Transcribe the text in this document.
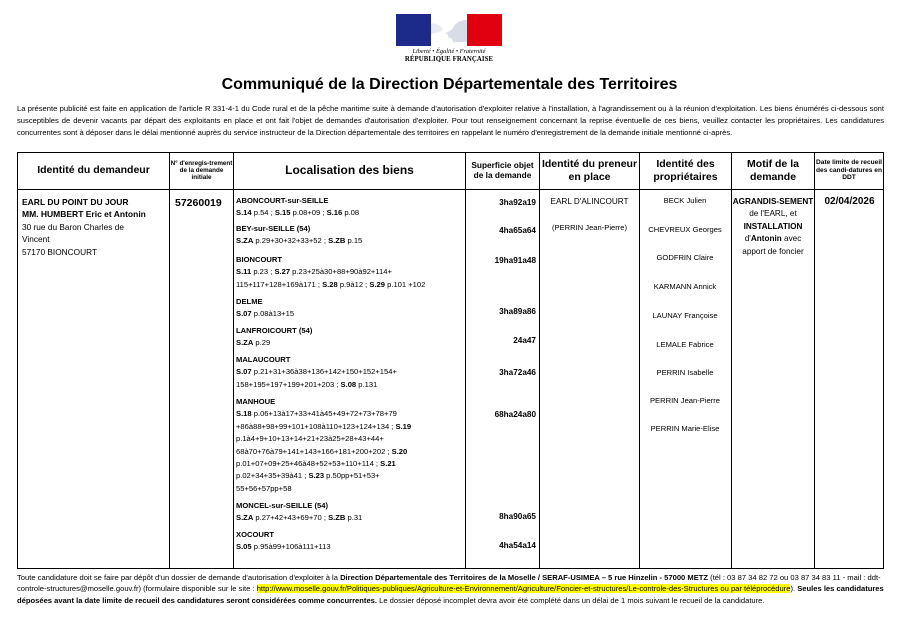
Liberté • Égalité • Fraternité
RÉPUBLIQUE FRANÇAISE
Communiqué de la Direction Départementale des Territoires

La présente publicité est faite en application de l'article R 331-4-1 du Code rural et de la pêche maritime suite à demande d'autorisation d'exploiter relative à l'installation, à l'agrandissement ou à la réunion d'exploitation. Les biens énumérés ci-dessous sont susceptibles de devenir vacants par départ des exploitants en place et ont fait l'objet de demandes d'autorisation d'exploiter. Pour tout renseignement concernant la reprise éventuelle de ces biens, veuillez contacter les propriétaires. Les candidatures concurrentes sont à déposer dans le délai mentionné auprès du service instructeur de la Direction départementale des territoires en rappelant le numéro d'enregistrement de la demande initiale mentionné ci-après.

Identité du demandeur
N° d'enregis-trement de la demande initiale
Localisation des biens	Superficie objet de la demande
Identité du preneur en place
Identité des propriétaires
Motif de la demande
Date limite de recueil des candi-datures en DDT
EARL DU POINT DU JOUR
MM. HUMBERT Eric et Antonin
30 rue du Baron Charles de
Vincent
57170 BIONCOURT
57260019 ABONCOURT-sur-SEILLE
S.14 p.54 ; S.15 p.08+09 ; S.16 p.08
BEY-sur-SEILLE (54)
S.ZA p.29+30+32+33+52 ; S.ZB p.15
BIONCOURT
S.11 p.23 ; S.27 p.23+25à30+88+90à92+114+
115+117+128+169à171 ; S.28 p.9à12 ; S.29 p.101 +102
DELME
S.07 p.08à13+15
LANFROICOURT (54)
S.ZA p.29
MALAUCOURT
S.07 p.21+31+36à38+136+142+150+152+154+
158+195+197+199+201+203 ; S.08 p.131
MANHOUE
S.18 p.06+13à17+33+41à45+49+72+73+78+79
+86à88+98+99+101+108à110+123+124+134 ; S.19
p.1à4+9+10+13+14+21+23à25+28+43+44+
68à70+76à79+141+143+166+181+200+202 ; S.20
p.01+07+09+25+46à48+52+53+110+114 ; S.21
p.02+34+35+39à41 ; S.23 p.50pp+51+53+
55+56+57pp+58
MONCEL-sur-SEILLE (54)
S.ZA p.27+42+43+69+70 ; S.ZB p.31
XOCOURT
S.05 p.95à99+106à111+113
3ha92a19
4ha65a64
19ha91a48
3ha89a86
24a47
3ha72a46
68ha24a80
8ha90a65
4ha54a14
EARL D'ALINCOURT
(PERRIN Jean-Pierre)
BECK Julien
CHEVREUX Georges
GODFRIN Claire
KARMANN Annick
LAUNAY Françoise
LEMALE Fabrice
PERRIN Isabelle
PERRIN Jean-Pierre
PERRIN Marie-Elise
AGRANDIS-SEMENT
de l'EARL, et
INSTALLATION
d'Antonin avec
apport de foncier
02/04/2026

Toute candidature doit se faire par dépôt d'un dossier de demande d'autorisation d'exploiter à la Direction Départementale des Territoires de la Moselle / SERAF-USIMEA – 5 rue Hinzelin - 57000 METZ (tél : 03 87 34 82 72 ou 03 87 34 83 11 - mail : ddt-controle-structures@moselle.gouv.fr) (formulaire disponible sur le site : http://www.moselle.gouv.fr/Politiques-publiques/Agriculture-et-Environnement/Agriculture/Foncier-et-structures/Le-controle-des-Structures ou par téléprocédure). Seules les candidatures déposées avant la date limite de recueil des candidatures seront considérées comme concurrentes. Le dossier déposé incomplet devra avoir été complété dans un délai de 1 mois suivant le recueil de la candidature.
